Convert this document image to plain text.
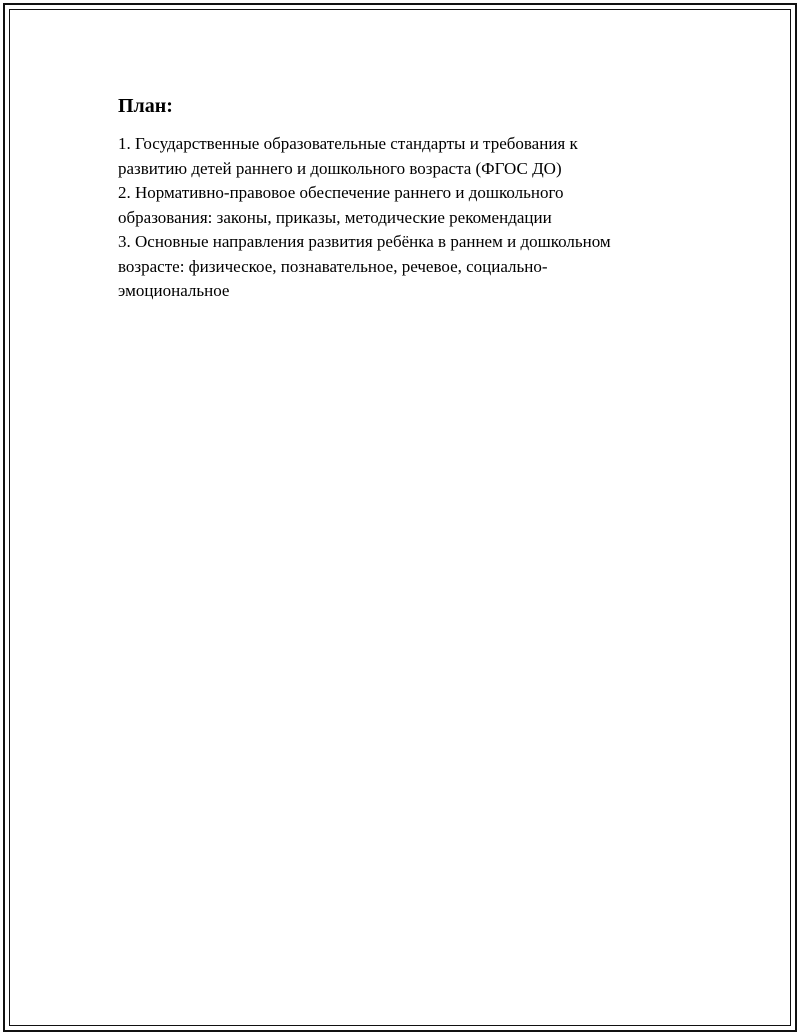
План:
1. Государственные образовательные стандарты и требования к
развитию детей раннего и дошкольного возраста (ФГОС ДО)
2. Нормативно-правовое обеспечение раннего и дошкольного
образования: законы, приказы, методические рекомендации
3. Основные направления развития ребёнка в раннем и дошкольном
возрасте: физическое, познавательное, речевое, социально-
эмоциональное
